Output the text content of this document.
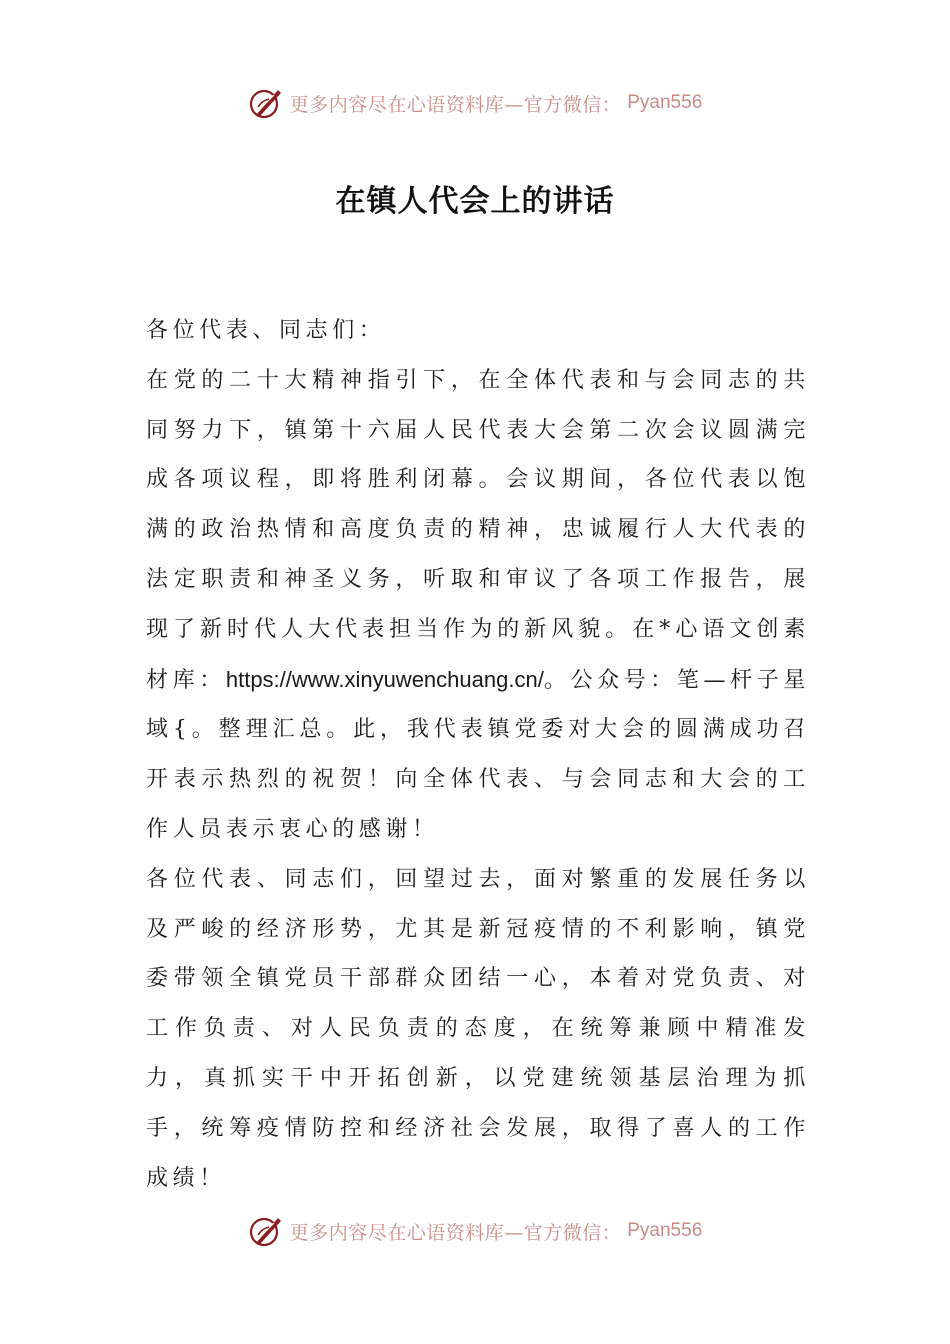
更多内容尽在心语资料库—官方微信： Pyan556
在镇人代会上的讲话

各位代表、同志们：

在党的二十大精神指引下，在全体代表和与会同志的共同努力下，镇第十六届人民代表大会第二次会议圆满完成各项议程，即将胜利闭幕。会议期间，各位代表以饱满的政治热情和高度负责的精神，忠诚履行人大代表的法定职责和神圣义务，听取和审议了各项工作报告，展现了新时代人大代表担当作为的新风貌。在*心语文创素材库：https://www.xinyuwenchuang.cn/。公众号：笔—杆子星域{。整理汇总。此，我代表镇党委对大会的圆满成功召开表示热烈的祝贺！向全体代表、与会同志和大会的工作人员表示衷心的感谢！

各位代表、同志们，回望过去，面对繁重的发展任务以及严峻的经济形势，尤其是新冠疫情的不利影响，镇党委带领全镇党员干部群众团结一心，本着对党负责、对工作负责、对人民负责的态度，在统筹兼顾中精准发力，真抓实干中开拓创新，以党建统领基层治理为抓手，统筹疫情防控和经济社会发展，取得了喜人的工作成绩！

更多内容尽在心语资料库—官方微信： Pyan556
